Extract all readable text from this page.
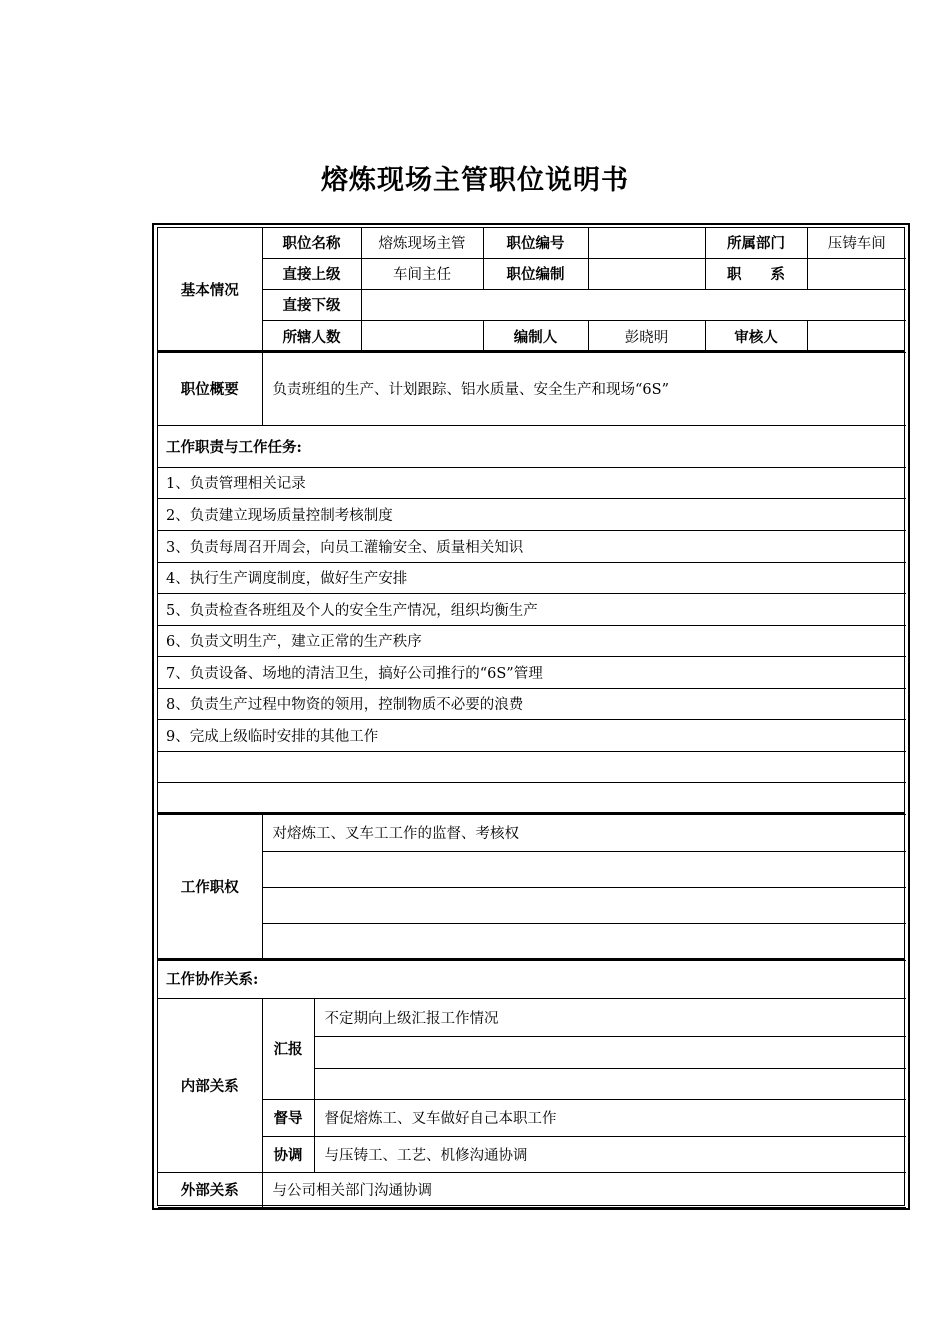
熔炼现场主管职位说明书
基本情况	职位名称	熔炼现场主管	职位编号		所属部门	压铸车间
	直接上级	车间主任	职位编制		职　　系	
	直接下级					
	所辖人数		编制人	彭晓明	审核人	
职位概要	负责班组的生产、计划跟踪、铝水质量、安全生产和现场“6S”
工作职责与工作任务:
1、负责管理相关记录
2、负责建立现场质量控制考核制度
3、负责每周召开周会，向员工灌输安全、质量相关知识
4、执行生产调度制度，做好生产安排
5、负责检查各班组及个人的安全生产情况，组织均衡生产
6、负责文明生产，建立正常的生产秩序
7、负责设备、场地的清洁卫生，搞好公司推行的“6S”管理
8、负责生产过程中物资的领用，控制物质不必要的浪费
9、完成上级临时安排的其他工作

工作职权	对熔炼工、叉车工工作的监督、考核权

工作协作关系:		
内部关系	汇报	不定期向上级汇报工作情况

	督导	督促熔炼工、叉车做好自己本职工作
	协调	与压铸工、工艺、机修沟通协调
外部关系	与公司相关部门沟通协调	
